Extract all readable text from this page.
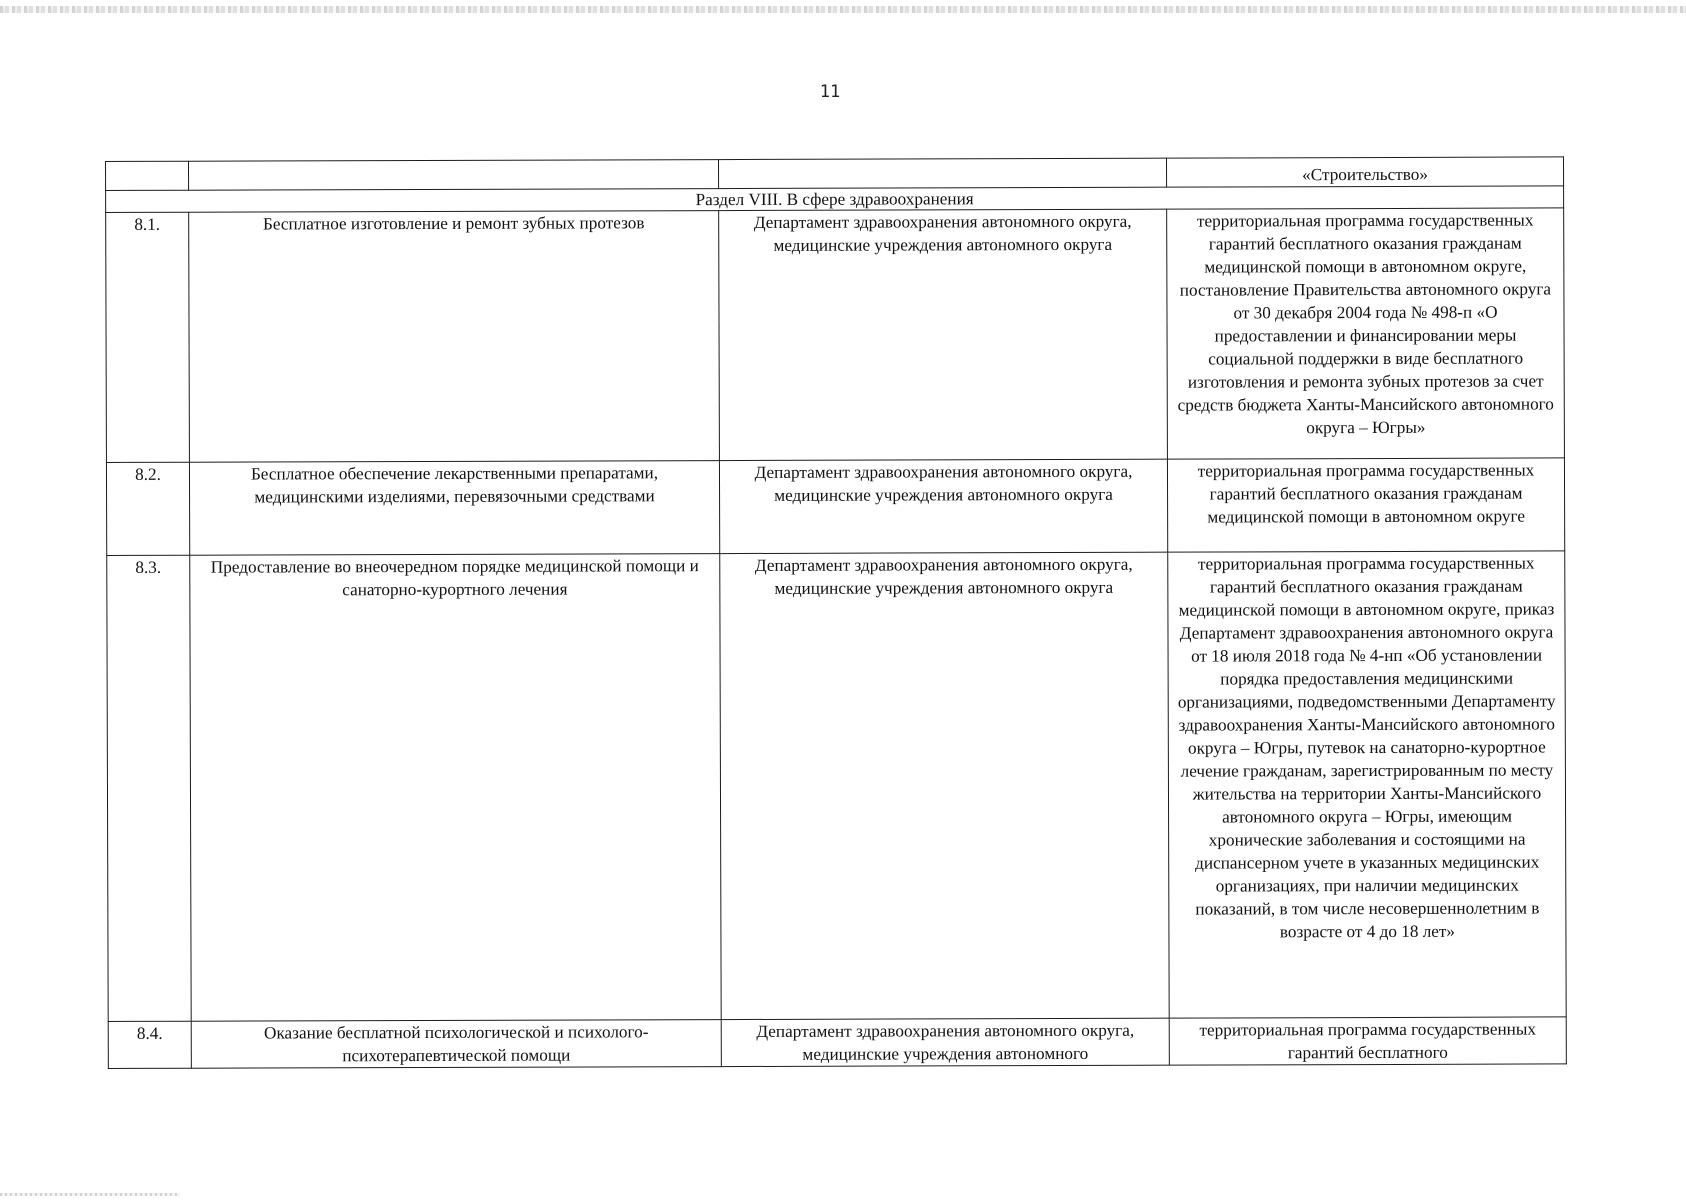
11
			«Строительство»
Раздел VIII. В сфере здравоохранения			
8.1.	Бесплатное изготовление и ремонт зубных протезов	Департамент здравоохранения автономного округа, медицинские учреждения автономного округа	территориальная программа государственных гарантий бесплатного оказания гражданам медицинской помощи в автономном округе, постановление Правительства автономного округа от 30 декабря 2004 года № 498-п «О предоставлении и финансировании меры социальной поддержки в виде бесплатного изготовления и ремонта зубных протезов за счет средств бюджета Ханты-Мансийского автономного округа – Югры»
8.2.	Бесплатное обеспечение лекарственными препаратами, медицинскими изделиями, перевязочными средствами	Департамент здравоохранения автономного округа, медицинские учреждения автономного округа	территориальная программа государственных гарантий бесплатного оказания гражданам медицинской помощи в автономном округе
8.3.	Предоставление во внеочередном порядке медицинской помощи и санаторно-курортного лечения	Департамент здравоохранения автономного округа, медицинские учреждения автономного округа	территориальная программа государственных гарантий бесплатного оказания гражданам медицинской помощи в автономном округе, приказ Департамент здравоохранения автономного округа от 18 июля 2018 года № 4-нп «Об установлении порядка предоставления медицинскими организациями, подведомственными Департаменту здравоохранения Ханты-Мансийского автономного округа – Югры, путевок на санаторно-курортное лечение гражданам, зарегистрированным по месту жительства на территории Ханты-Мансийского автономного округа – Югры, имеющим хронические заболевания и состоящими на диспансерном учете в указанных медицинских организациях, при наличии медицинских показаний, в том числе несовершеннолетним в возрасте от 4 до 18 лет»
8.4.	Оказание бесплатной психологической и психолого-психотерапевтической помощи	Департамент здравоохранения автономного округа, медицинские учреждения автономного	территориальная программа государственных гарантий бесплатного
